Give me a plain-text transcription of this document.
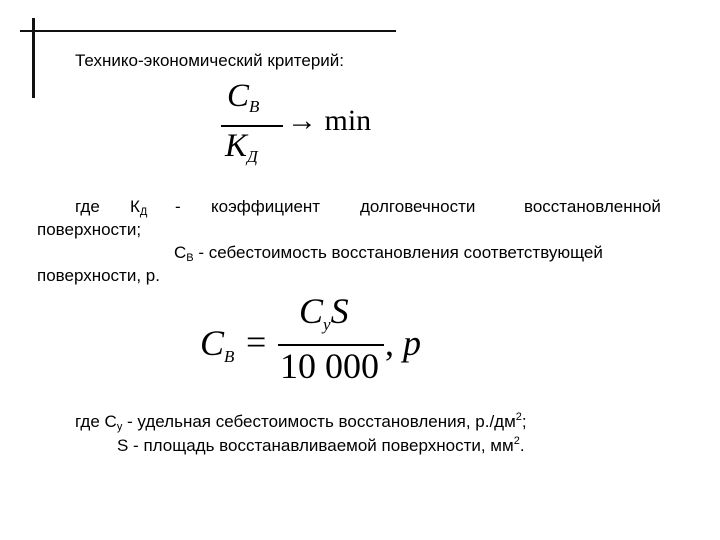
Технико-экономический критерий:
$C_B$
$K_Д$
→ min
где $К_Д$ - коэффициент долговечности	восстановленной
поверхности;
$С_В$ - себестоимость восстановления соответствующей
поверхности, р.
CB =
CyS
10 000
, p
где $С_у$ - удельная себестоимость восстановления, $р./дм^2$;
S - площадь восстанавливаемой поверхности, $мм^2$.
